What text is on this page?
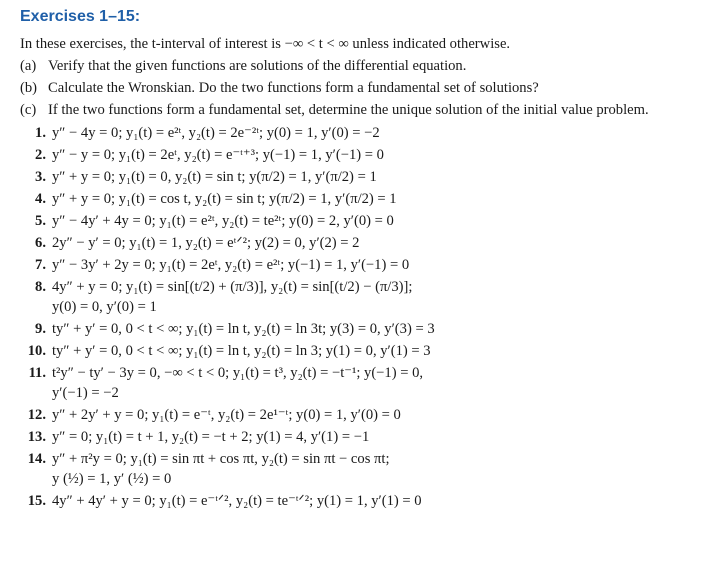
Exercises 1–15:
In these exercises, the t-interval of interest is −∞ < t < ∞ unless indicated otherwise.
(a) Verify that the given functions are solutions of the differential equation.
(b) Calculate the Wronskian. Do the two functions form a fundamental set of solutions?
(c) If the two functions form a fundamental set, determine the unique solution of the initial value problem.
1. y″ − 4y = 0; y₁(t) = e²ᵗ, y₂(t) = 2e⁻²ᵗ; y(0) = 1, y′(0) = −2
2. y″ − y = 0; y₁(t) = 2eᵗ, y₂(t) = e⁻ᵗ⁺³; y(−1) = 1, y′(−1) = 0
3. y″ + y = 0; y₁(t) = 0, y₂(t) = sin t; y(π/2) = 1, y′(π/2) = 1
4. y″ + y = 0; y₁(t) = cos t, y₂(t) = sin t; y(π/2) = 1, y′(π/2) = 1
5. y″ − 4y′ + 4y = 0; y₁(t) = e²ᵗ, y₂(t) = te²ᵗ; y(0) = 2, y′(0) = 0
6. 2y″ − y′ = 0; y₁(t) = 1, y₂(t) = eᵗᐟ²; y(2) = 0, y′(2) = 2
7. y″ − 3y′ + 2y = 0; y₁(t) = 2eᵗ, y₂(t) = e²ᵗ; y(−1) = 1, y′(−1) = 0
8. 4y″ + y = 0; y₁(t) = sin[(t/2) + (π/3)], y₂(t) = sin[(t/2) − (π/3)];
y(0) = 0, y′(0) = 1
9. ty″ + y′ = 0, 0 < t < ∞; y₁(t) = ln t, y₂(t) = ln 3t; y(3) = 0, y′(3) = 3
10. ty″ + y′ = 0, 0 < t < ∞; y₁(t) = ln t, y₂(t) = ln 3; y(1) = 0, y′(1) = 3
11. t²y″ − ty′ − 3y = 0, −∞ < t < 0; y₁(t) = t³, y₂(t) = −t⁻¹; y(−1) = 0,
y′(−1) = −2
12. y″ + 2y′ + y = 0; y₁(t) = e⁻ᵗ, y₂(t) = 2e¹⁻ᵗ; y(0) = 1, y′(0) = 0
13. y″ = 0; y₁(t) = t + 1, y₂(t) = −t + 2; y(1) = 4, y′(1) = −1
14. y″ + π²y = 0; y₁(t) = sin πt + cos πt, y₂(t) = sin πt − cos πt;
y (½) = 1, y′ (½) = 0
15. 4y″ + 4y′ + y = 0; y₁(t) = e⁻ᵗᐟ², y₂(t) = te⁻ᵗᐟ²; y(1) = 1, y′(1) = 0
